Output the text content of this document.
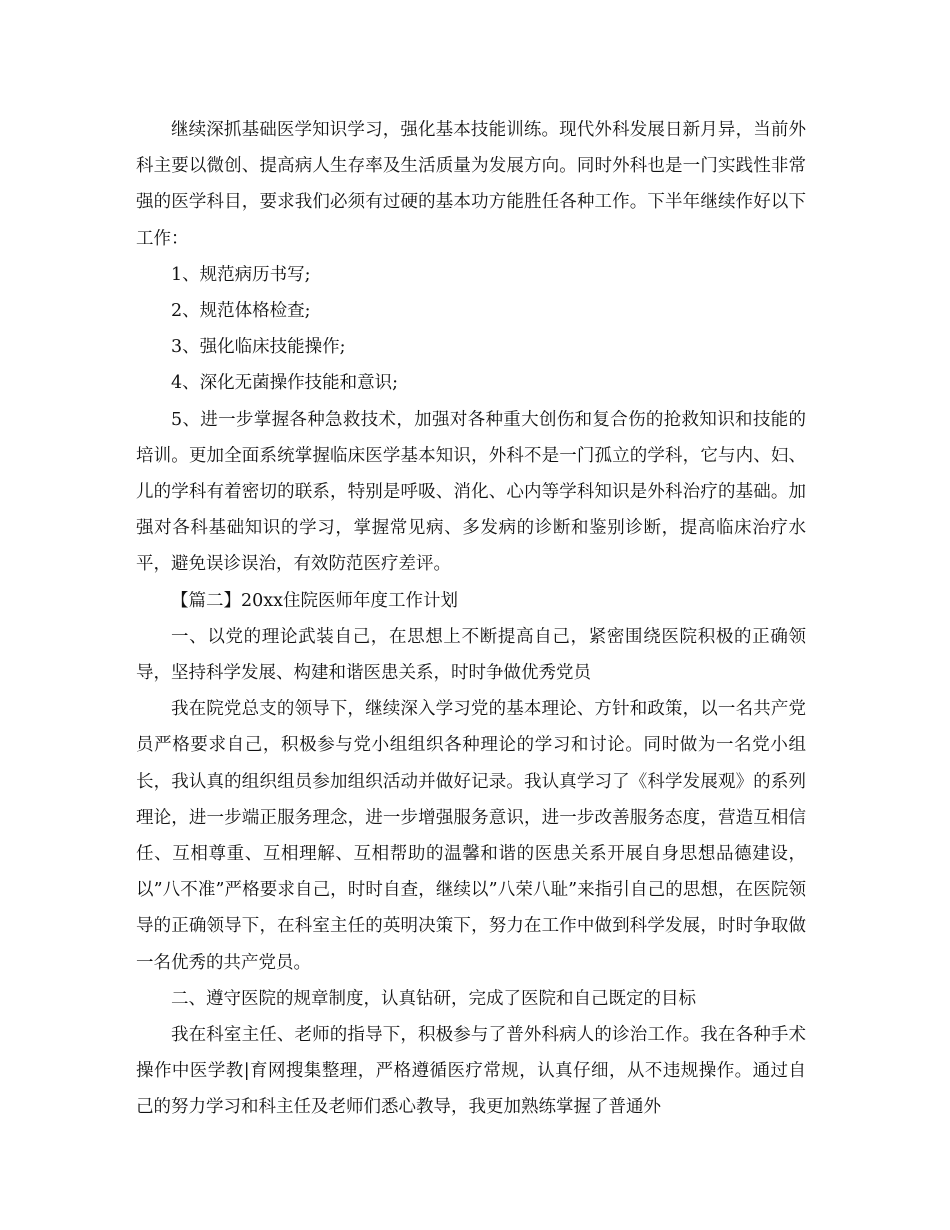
继续深抓基础医学知识学习，强化基本技能训练。现代外科发展日新月异，当前外科主要以微创、提高病人生存率及生活质量为发展方向。同时外科也是一门实践性非常强的医学科目，要求我们必须有过硬的基本功方能胜任各种工作。下半年继续作好以下工作：

1、规范病历书写;

2、规范体格检查;

3、强化临床技能操作;

4、深化无菌操作技能和意识;

5、进一步掌握各种急救技术，加强对各种重大创伤和复合伤的抢救知识和技能的培训。更加全面系统掌握临床医学基本知识，外科不是一门孤立的学科，它与内、妇、儿的学科有着密切的联系，特别是呼吸、消化、心内等学科知识是外科治疗的基础。加强对各科基础知识的学习，掌握常见病、多发病的诊断和鉴别诊断，提高临床治疗水平，避免误诊误治，有效防范医疗差评。

【篇二】20xx住院医师年度工作计划

一、以党的理论武装自己，在思想上不断提高自己，紧密围绕医院积极的正确领导，坚持科学发展、构建和谐医患关系，时时争做优秀党员

我在院党总支的领导下，继续深入学习党的基本理论、方针和政策，以一名共产党员严格要求自己，积极参与党小组组织各种理论的学习和讨论。同时做为一名党小组长，我认真的组织组员参加组织活动并做好记录。我认真学习了《科学发展观》的系列理论，进一步端正服务理念，进一步增强服务意识，进一步改善服务态度，营造互相信任、互相尊重、互相理解、互相帮助的温馨和谐的医患关系开展自身思想品德建设，以”八不准”严格要求自己，时时自查，继续以”八荣八耻”来指引自己的思想，在医院领导的正确领导下，在科室主任的英明决策下，努力在工作中做到科学发展，时时争取做一名优秀的共产党员。

二、遵守医院的规章制度，认真钻研，完成了医院和自己既定的目标

我在科室主任、老师的指导下，积极参与了普外科病人的诊治工作。我在各种手术操作中医学教|育网搜集整理，严格遵循医疗常规，认真仔细，从不违规操作。通过自己的努力学习和科主任及老师们悉心教导，我更加熟练掌握了普通外
